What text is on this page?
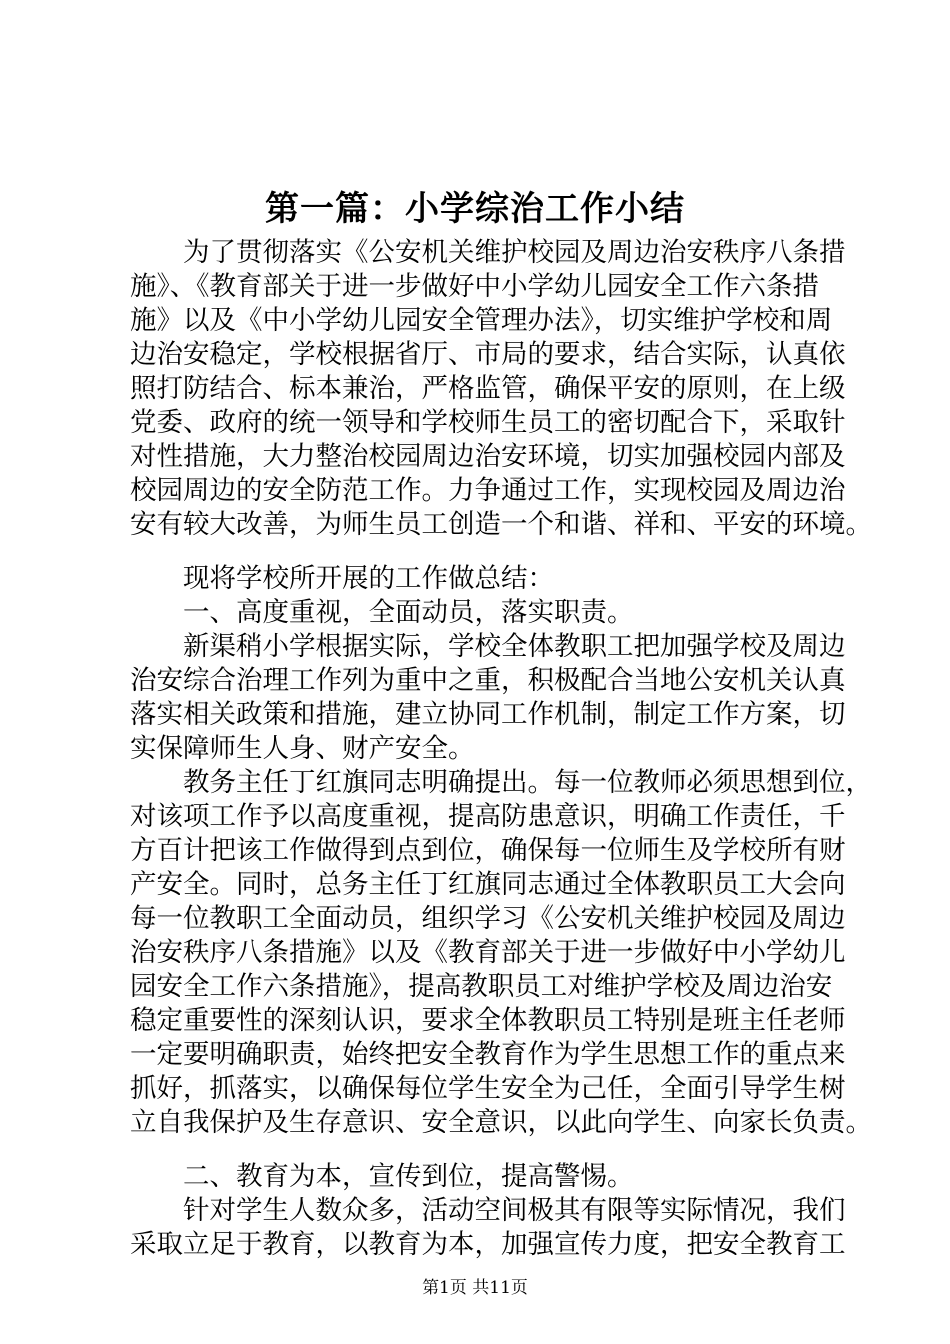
第一篇：小学综治工作小结
为了贯彻落实《公安机关维护校园及周边治安秩序八条措
施》、《教育部关于进一步做好中小学幼儿园安全工作六条措
施》以及《中小学幼儿园安全管理办法》，切实维护学校和周
边治安稳定，学校根据省厅、市局的要求，结合实际，认真依
照打防结合、标本兼治，严格监管，确保平安的原则，在上级
党委、政府的统一领导和学校师生员工的密切配合下，采取针
对性措施，大力整治校园周边治安环境，切实加强校园内部及
校园周边的安全防范工作。力争通过工作，实现校园及周边治
安有较大改善，为师生员工创造一个和谐、祥和、平安的环境。
现将学校所开展的工作做总结：
一、高度重视，全面动员，落实职责。
新渠稍小学根据实际，学校全体教职工把加强学校及周边
治安综合治理工作列为重中之重，积极配合当地公安机关认真
落实相关政策和措施，建立协同工作机制，制定工作方案，切
实保障师生人身、财产安全。
教务主任丁红旗同志明确提出。每一位教师必须思想到位，
对该项工作予以高度重视，提高防患意识，明确工作责任，千
方百计把该工作做得到点到位，确保每一位师生及学校所有财
产安全。同时，总务主任丁红旗同志通过全体教职员工大会向
每一位教职工全面动员，组织学习《公安机关维护校园及周边
治安秩序八条措施》以及《教育部关于进一步做好中小学幼儿
园安全工作六条措施》，提高教职员工对维护学校及周边治安
稳定重要性的深刻认识，要求全体教职员工特别是班主任老师
一定要明确职责，始终把安全教育作为学生思想工作的重点来
抓好，抓落实，以确保每位学生安全为己任，全面引导学生树
立自我保护及生存意识、安全意识，以此向学生、向家长负责。
二、教育为本，宣传到位，提高警惕。
针对学生人数众多，活动空间极其有限等实际情况，我们
采取立足于教育，以教育为本，加强宣传力度，把安全教育工
第1页 共11页
